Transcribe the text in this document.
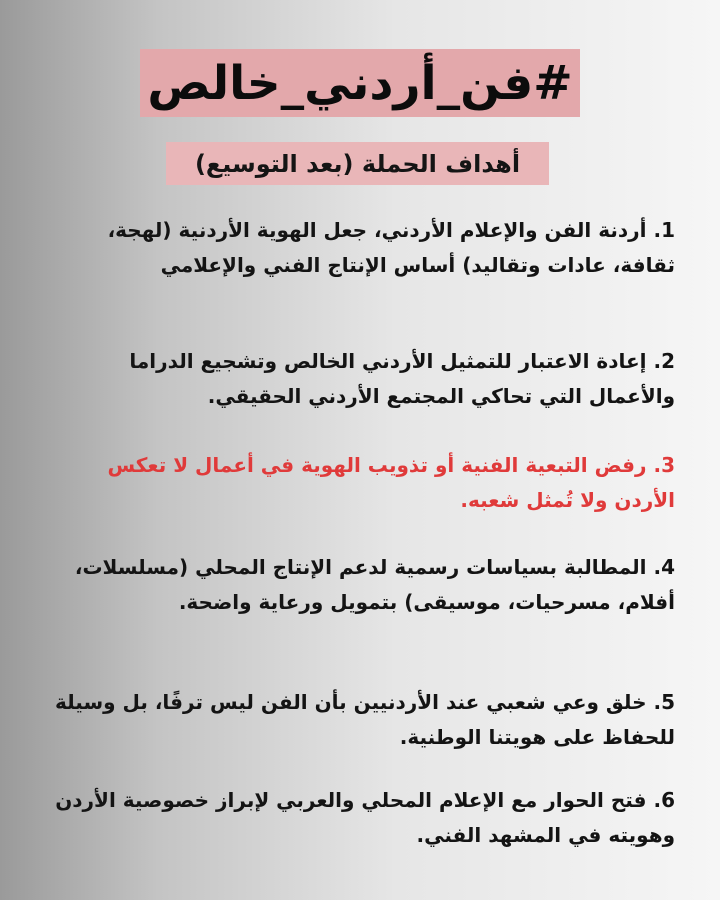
#فن_أردني_خالص
أهداف الحملة (بعد التوسيع)
1. أردنة الفن والإعلام الأردني، جعل الهوية الأردنية (لهجة، ثقافة، عادات وتقاليد) أساس الإنتاج الفني والإعلامي
2. إعادة الاعتبار للتمثيل الأردني الخالص وتشجيع الدراما والأعمال التي تحاكي المجتمع الأردني الحقيقي.
3. رفض التبعية الفنية أو تذويب الهوية في أعمال لا تعكس الأردن ولا تُمثل شعبه.
4. المطالبة بسياسات رسمية لدعم الإنتاج المحلي (مسلسلات، أفلام، مسرحيات، موسيقى) بتمويل ورعاية واضحة.
5. خلق وعي شعبي عند الأردنيين بأن الفن ليس ترفًا، بل وسيلة للحفاظ على هويتنا الوطنية.
6. فتح الحوار مع الإعلام المحلي والعربي لإبراز خصوصية الأردن وهويته في المشهد الفني.
